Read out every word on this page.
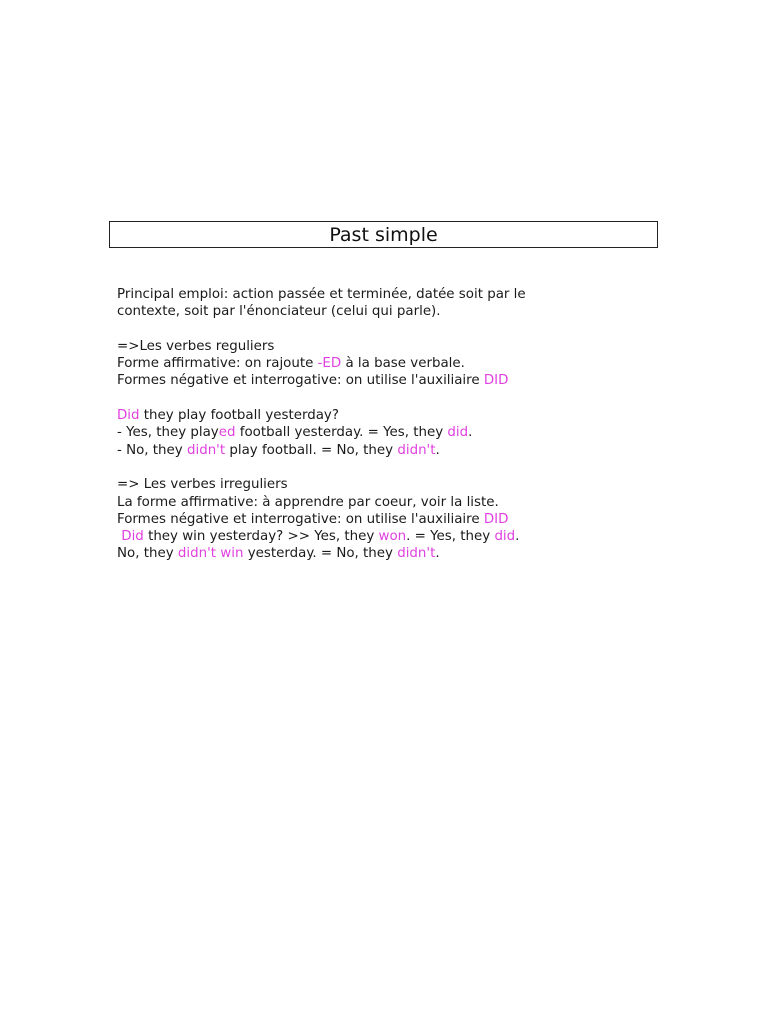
Past simple
Principal emploi: action passée et terminée, datée soit par le
contexte, soit par l'énonciateur (celui qui parle).
=>Les verbes reguliers
Forme affirmative: on rajoute -ED à la base verbale.
Formes négative et interrogative: on utilise l'auxiliaire DID
Did they play football yesterday?
- Yes, they played football yesterday. = Yes, they did.
- No, they didn't play football. = No, they didn't.
=> Les verbes irreguliers
La forme affirmative: à apprendre par coeur, voir la liste.
Formes négative et interrogative: on utilise l'auxiliaire DID
Did they win yesterday? >> Yes, they won. = Yes, they did.
No, they didn't win yesterday. = No, they didn't.
